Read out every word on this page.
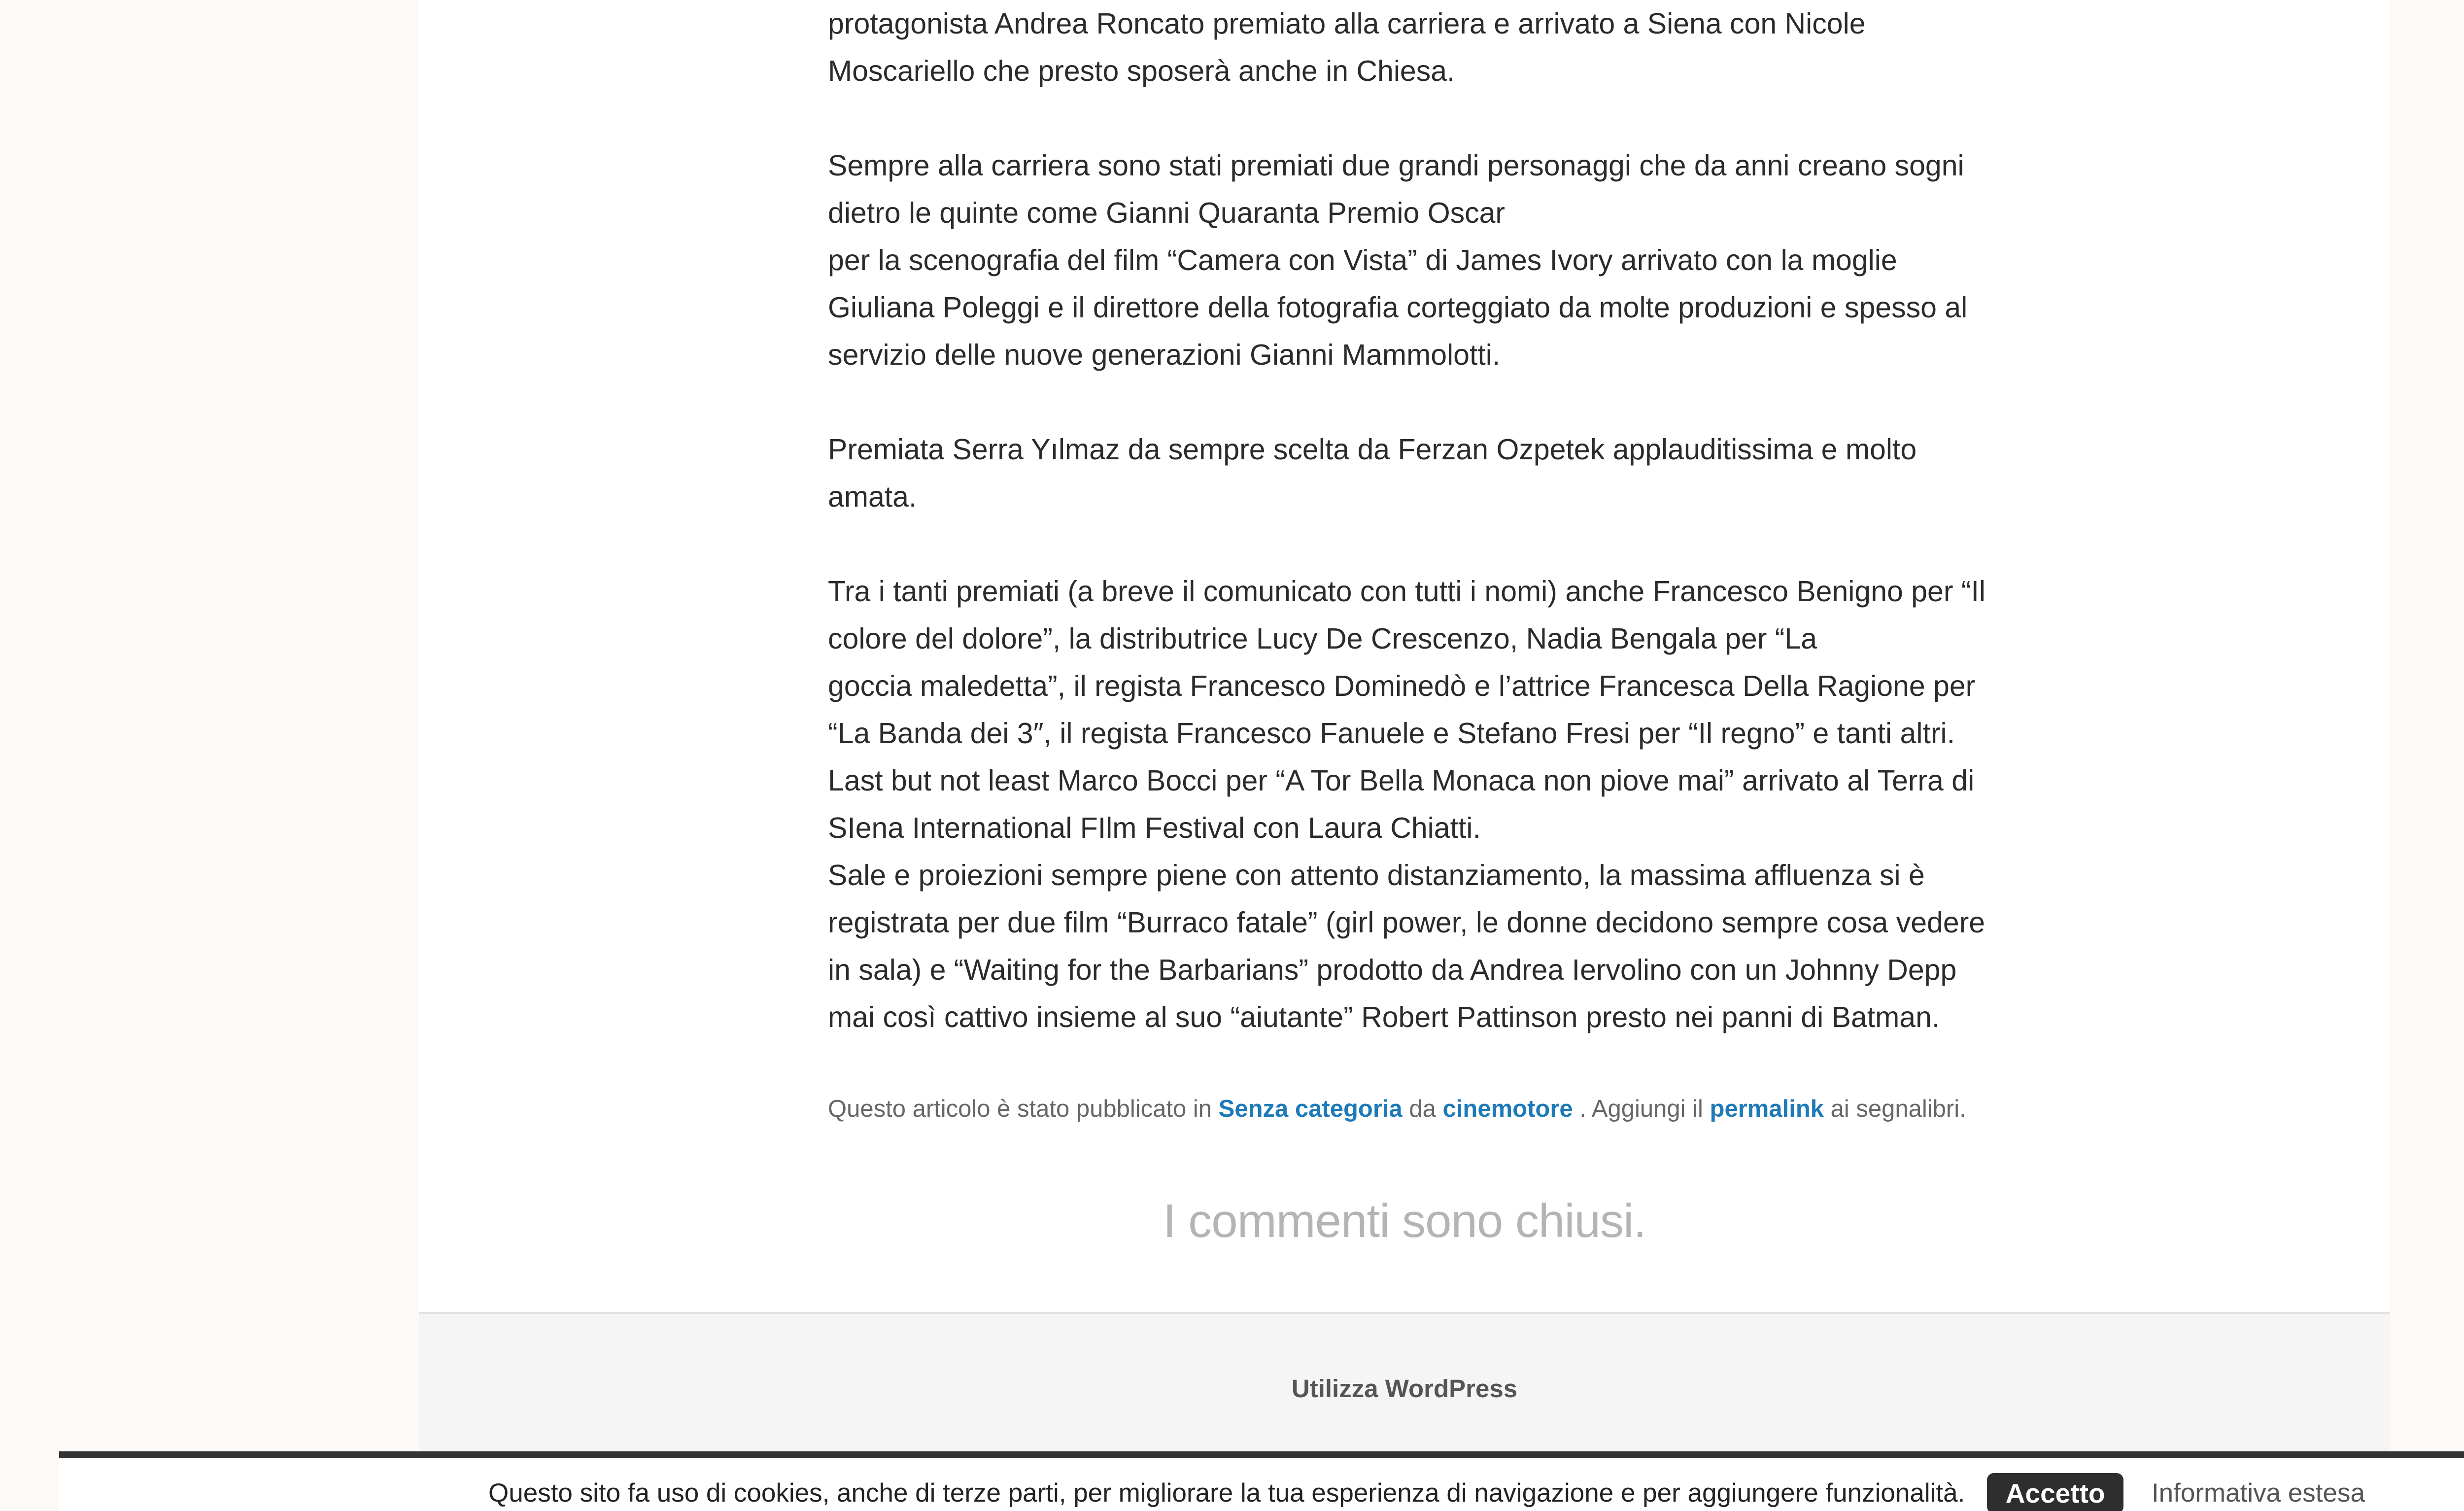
protagonista Andrea Roncato premiato alla carriera e arrivato a Siena con Nicole
Moscariello che presto sposerà anche in Chiesa.

Sempre alla carriera sono stati premiati due grandi personaggi che da anni creano sogni
dietro le quinte come Gianni Quaranta Premio Oscar
per la scenografia del film “Camera con Vista” di James Ivory arrivato con la moglie
Giuliana Poleggi e il direttore della fotografia corteggiato da molte produzioni e spesso al
servizio delle nuove generazioni Gianni Mammolotti.

Premiata Serra Yılmaz da sempre scelta da Ferzan Ozpetek applauditissima e molto
amata.

Tra i tanti premiati (a breve il comunicato con tutti i nomi) anche Francesco Benigno per “Il
colore del dolore”, la distributrice Lucy De Crescenzo, Nadia Bengala per “La
goccia maledetta”, il regista Francesco Dominedò e l’attrice Francesca Della Ragione per
“La Banda dei 3″, il regista Francesco Fanuele e Stefano Fresi per “Il regno” e tanti altri.
Last but not least Marco Bocci per “A Tor Bella Monaca non piove mai” arrivato al Terra di
SIena International FIlm Festival con Laura Chiatti.
Sale e proiezioni sempre piene con attento distanziamento, la massima affluenza si è
registrata per due film “Burraco fatale” (girl power, le donne decidono sempre cosa vedere
in sala) e “Waiting for the Barbarians” prodotto da Andrea Iervolino con un Johnny Depp
mai così cattivo insieme al suo “aiutante” Robert Pattinson presto nei panni di Batman.

Questo articolo è stato pubblicato in Senza categoria da cinemotore . Aggiungi il permalink ai segnalibri.
I commenti sono chiusi.
Utilizza WordPress
Questo sito fa uso di cookies, anche di terze parti, per migliorare la tua esperienza di navigazione e per aggiungere funzionalità. Accetto Informativa estesa
